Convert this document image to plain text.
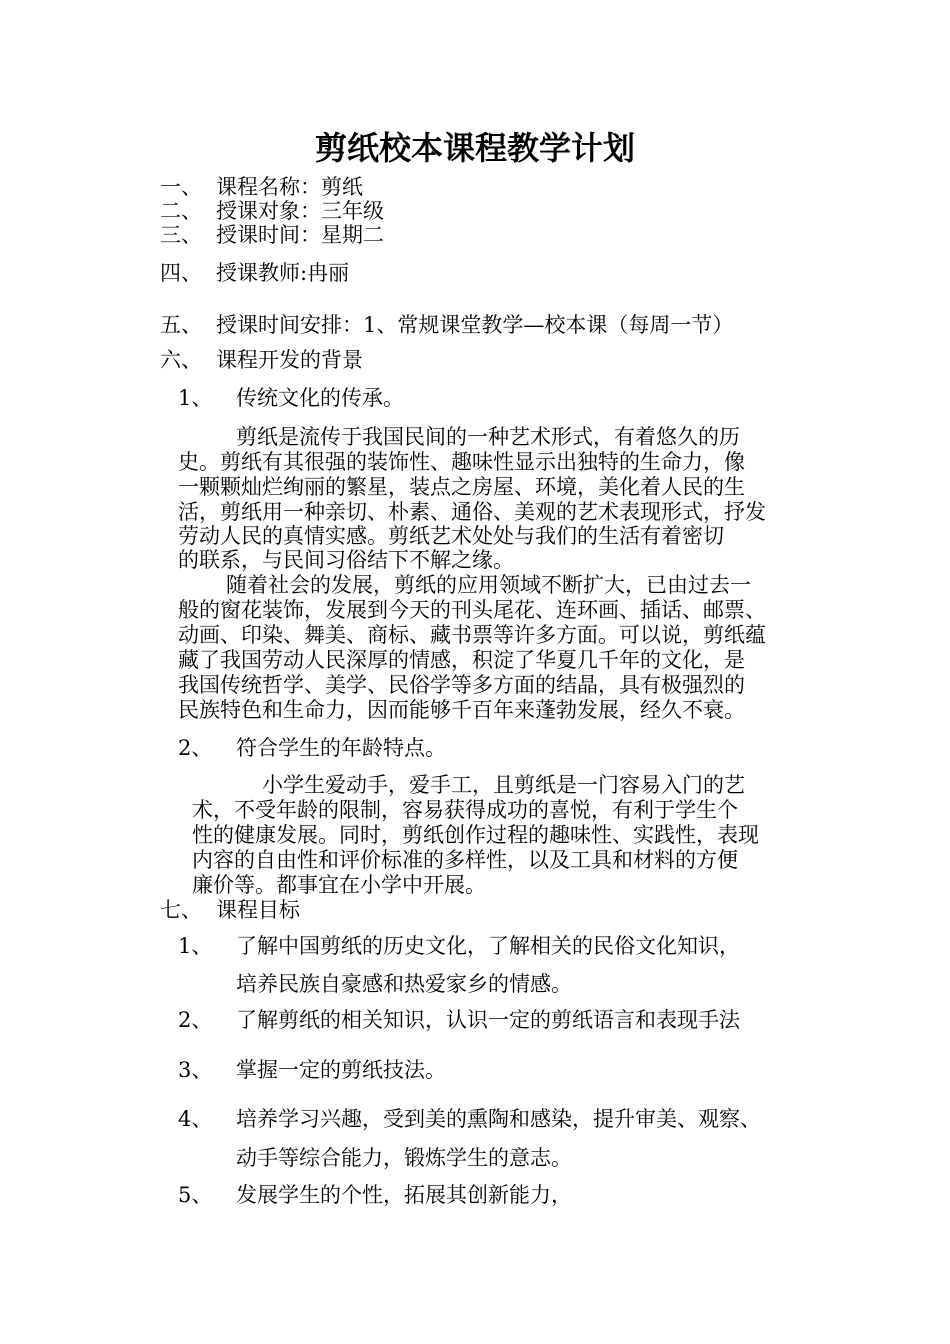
剪纸校本课程教学计划
一、 课程名称：剪纸
二、 授课对象：三年级
三、 授课时间：星期二
四、 授课教师:冉丽
五、 授课时间安排：1、常规课堂教学—校本课（每周一节）
六、 课程开发的背景
1、 传统文化的传承。
剪纸是流传于我国民间的一种艺术形式，有着悠久的历
史。剪纸有其很强的装饰性、趣味性显示出独特的生命力，像
一颗颗灿烂绚丽的繁星，装点之房屋、环境，美化着人民的生
活，剪纸用一种亲切、朴素、通俗、美观的艺术表现形式，抒发
劳动人民的真情实感。剪纸艺术处处与我们的生活有着密切
的联系，与民间习俗结下不解之缘。
随着社会的发展，剪纸的应用领域不断扩大，已由过去一
般的窗花装饰，发展到今天的刊头尾花、连环画、插话、邮票、
动画、印染、舞美、商标、藏书票等许多方面。可以说，剪纸蕴
藏了我国劳动人民深厚的情感，积淀了华夏几千年的文化，是
我国传统哲学、美学、民俗学等多方面的结晶，具有极强烈的
民族特色和生命力，因而能够千百年来蓬勃发展，经久不衰。
2、 符合学生的年龄特点。
小学生爱动手，爱手工，且剪纸是一门容易入门的艺
术，不受年龄的限制，容易获得成功的喜悦，有利于学生个
性的健康发展。同时，剪纸创作过程的趣味性、实践性，表现
内容的自由性和评价标准的多样性，以及工具和材料的方便
廉价等。都事宜在小学中开展。
七、 课程目标
1、 了解中国剪纸的历史文化，了解相关的民俗文化知识，
培养民族自豪感和热爱家乡的情感。
2、 了解剪纸的相关知识，认识一定的剪纸语言和表现手法
3、 掌握一定的剪纸技法。
4、 培养学习兴趣，受到美的熏陶和感染，提升审美、观察、
动手等综合能力，锻炼学生的意志。
5、 发展学生的个性，拓展其创新能力，
